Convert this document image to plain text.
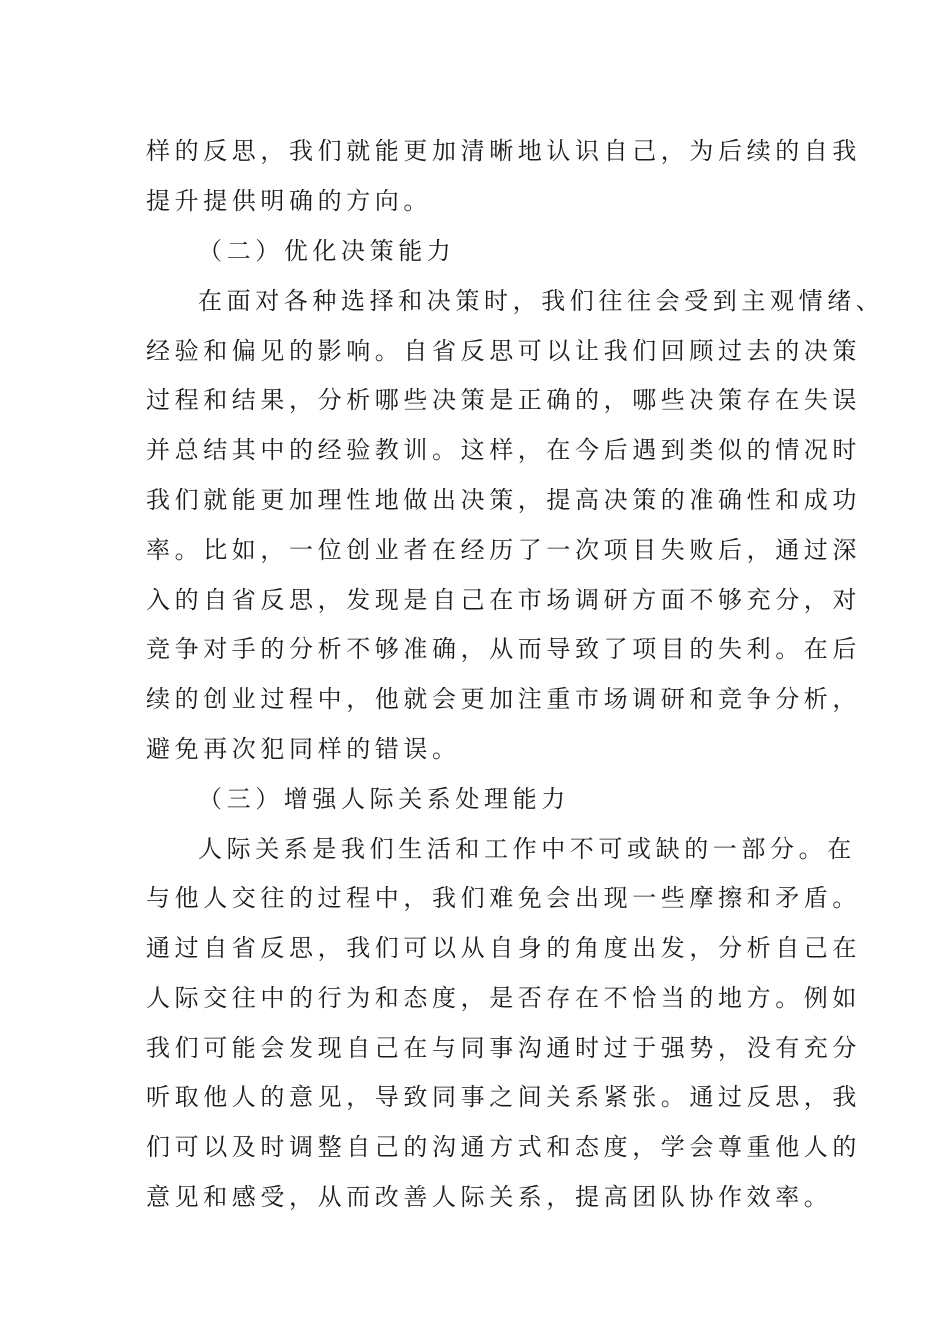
样的反思，我们就能更加清晰地认识自己，为后续的自我
提升提供明确的方向。
（二）优化决策能力
在面对各种选择和决策时，我们往往会受到主观情绪、
经验和偏见的影响。自省反思可以让我们回顾过去的决策
过程和结果，分析哪些决策是正确的，哪些决策存在失误
并总结其中的经验教训。这样，在今后遇到类似的情况时
我们就能更加理性地做出决策，提高决策的准确性和成功
率。比如，一位创业者在经历了一次项目失败后，通过深
入的自省反思，发现是自己在市场调研方面不够充分，对
竞争对手的分析不够准确，从而导致了项目的失利。在后
续的创业过程中，他就会更加注重市场调研和竞争分析，
避免再次犯同样的错误。
（三）增强人际关系处理能力
人际关系是我们生活和工作中不可或缺的一部分。在
与他人交往的过程中，我们难免会出现一些摩擦和矛盾。
通过自省反思，我们可以从自身的角度出发，分析自己在
人际交往中的行为和态度，是否存在不恰当的地方。例如
我们可能会发现自己在与同事沟通时过于强势，没有充分
听取他人的意见，导致同事之间关系紧张。通过反思，我
们可以及时调整自己的沟通方式和态度，学会尊重他人的
意见和感受，从而改善人际关系，提高团队协作效率。
